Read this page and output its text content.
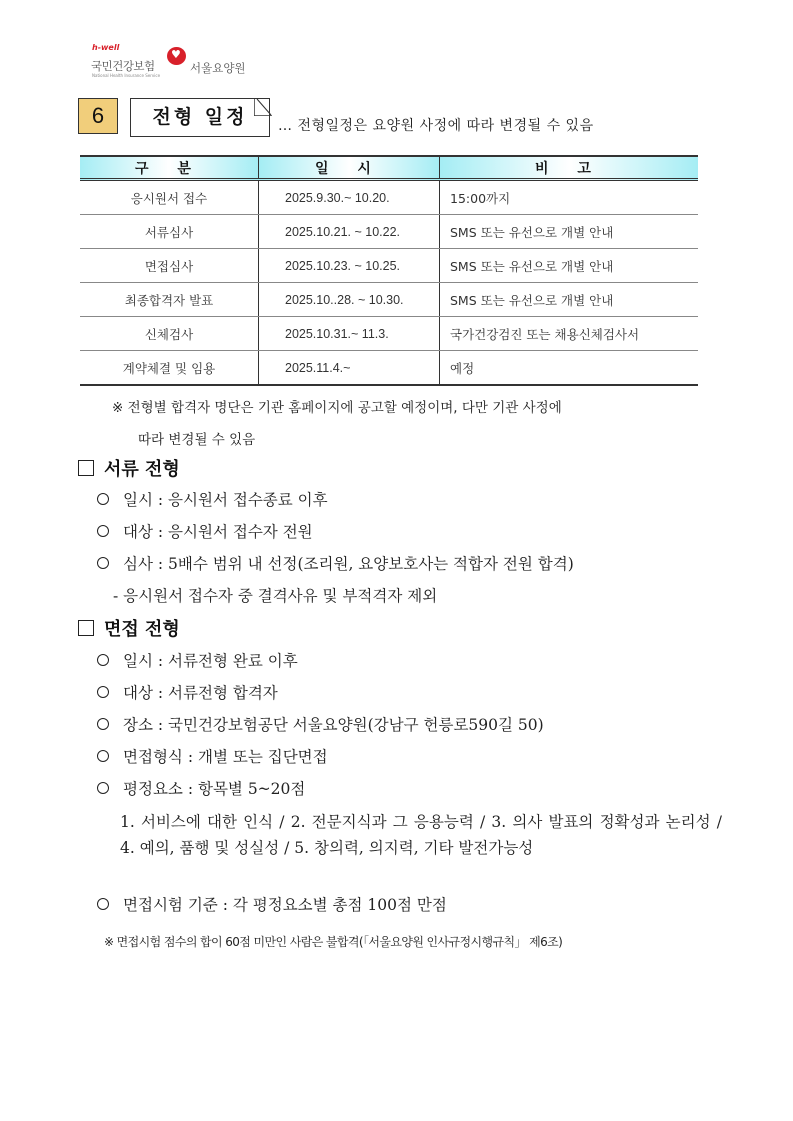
h-well
국민건강보험
National Health Insurance Service
♥
서울요양원
6	전형 일정	… 전형일정은 요양원 사정에 따라 변경될 수 있음
구 분	일 시	비 고
응시원서 접수	2025.9.30.~ 10.20.	15:00까지
서류심사	2025.10.21. ~ 10.22.	SMS 또는 유선으로 개별 안내
면접심사	2025.10.23. ~ 10.25.	SMS 또는 유선으로 개별 안내
최종합격자 발표	2025.10..28. ~ 10.30.	SMS 또는 유선으로 개별 안내
신체검사	2025.10.31.~ 11.3.	국가건강검진 또는 채용신체검사서
계약체결 및 임용	2025.11.4.~	예정
※ 전형별 합격자 명단은 기관 홈페이지에 공고할 예정이며, 다만 기관 사정에
따라 변경될 수 있음
서류 전형
일시 : 응시원서 접수종료 이후
대상 : 응시원서 접수자 전원
심사 : 5배수 범위 내 선정(조리원, 요양보호사는 적합자 전원 합격)
- 응시원서 접수자 중 결격사유 및 부적격자 제외
면접 전형
일시 : 서류전형 완료 이후
대상 : 서류전형 합격자
장소 : 국민건강보험공단 서울요양원(강남구 헌릉로590길 50)
면접형식 : 개별 또는 집단면접
평정요소 : 항목별 5~20점
1. 서비스에 대한 인식 / 2. 전문지식과 그 응용능력 / 3. 의사 발표의 정확성과 논리성 / 4. 예의, 품행 및 성실성 / 5. 창의력, 의지력, 기타 발전가능성
면접시험 기준 : 각 평정요소별 총점 100점 만점
※ 면접시험 점수의 합이 60점 미만인 사람은 불합격(「서울요양원 인사규정시행규칙」 제6조)
